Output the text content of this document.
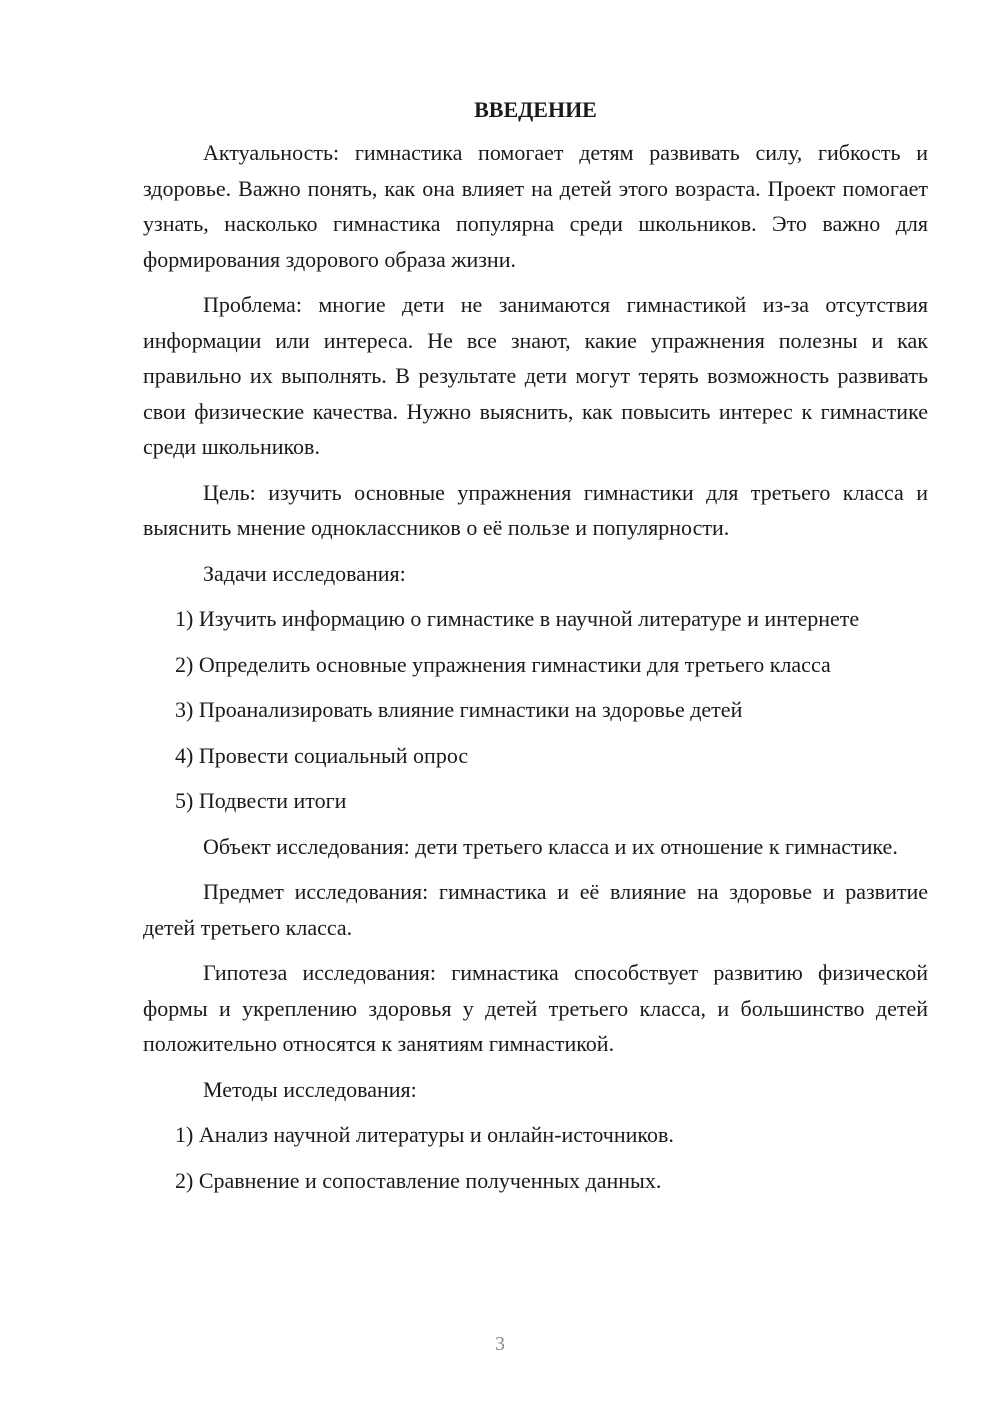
ВВЕДЕНИЕ

Актуальность: гимнастика помогает детям развивать силу, гибкость и здоровье. Важно понять, как она влияет на детей этого возраста. Проект помогает узнать, насколько гимнастика популярна среди школьников. Это важно для формирования здорового образа жизни.

Проблема: многие дети не занимаются гимнастикой из-за отсутствия информации или интереса. Не все знают, какие упражнения полезны и как правильно их выполнять. В результате дети могут терять возможность развивать свои физические качества. Нужно выяснить, как повысить интерес к гимнастике среди школьников.

Цель: изучить основные упражнения гимнастики для третьего класса и выяснить мнение одноклассников о её пользе и популярности.

Задачи исследования:

1) Изучить информацию о гимнастике в научной литературе и интернете

2) Определить основные упражнения гимнастики для третьего класса

3) Проанализировать влияние гимнастики на здоровье детей

4) Провести социальный опрос

5) Подвести итоги

Объект исследования: дети третьего класса и их отношение к гимнастике.

Предмет исследования: гимнастика и её влияние на здоровье и развитие детей третьего класса.

Гипотеза исследования: гимнастика способствует развитию физической формы и укреплению здоровья у детей третьего класса, и большинство детей положительно относятся к занятиям гимнастикой.

Методы исследования:

1) Анализ научной литературы и онлайн-источников.

2) Сравнение и сопоставление полученных данных.

3
